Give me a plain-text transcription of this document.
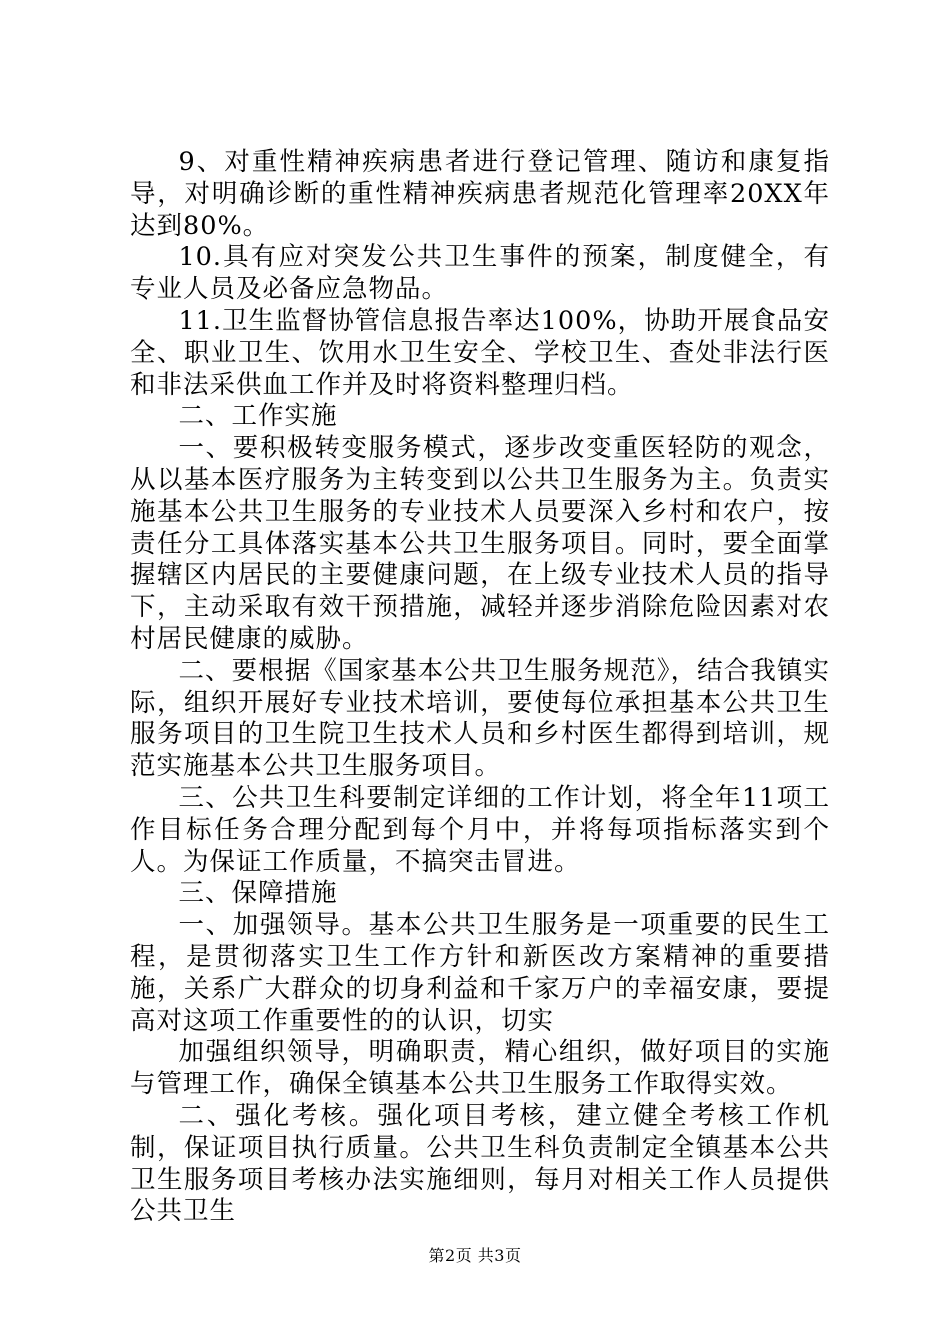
9、对重性精神疾病患者进行登记管理、随访和康复指导，对明确诊断的重性精神疾病患者规范化管理率20XX年达到80%。

10.具有应对突发公共卫生事件的预案，制度健全，有专业人员及必备应急物品。

11.卫生监督协管信息报告率达100%，协助开展食品安全、职业卫生、饮用水卫生安全、学校卫生、查处非法行医和非法采供血工作并及时将资料整理归档。

二、工作实施

一、要积极转变服务模式，逐步改变重医轻防的观念，从以基本医疗服务为主转变到以公共卫生服务为主。负责实施基本公共卫生服务的专业技术人员要深入乡村和农户，按责任分工具体落实基本公共卫生服务项目。同时，要全面掌握辖区内居民的主要健康问题，在上级专业技术人员的指导下，主动采取有效干预措施，减轻并逐步消除危险因素对农村居民健康的威胁。

二、要根据《国家基本公共卫生服务规范》，结合我镇实际，组织开展好专业技术培训，要使每位承担基本公共卫生服务项目的卫生院卫生技术人员和乡村医生都得到培训，规范实施基本公共卫生服务项目。

三、公共卫生科要制定详细的工作计划，将全年11项工作目标任务合理分配到每个月中，并将每项指标落实到个人。为保证工作质量，不搞突击冒进。

三、保障措施

一、加强领导。基本公共卫生服务是一项重要的民生工程，是贯彻落实卫生工作方针和新医改方案精神的重要措施，关系广大群众的切身利益和千家万户的幸福安康，要提高对这项工作重要性的的认识，切实

加强组织领导，明确职责，精心组织，做好项目的实施与管理工作，确保全镇基本公共卫生服务工作取得实效。

二、强化考核。强化项目考核，建立健全考核工作机制，保证项目执行质量。公共卫生科负责制定全镇基本公共卫生服务项目考核办法实施细则，每月对相关工作人员提供公共卫生

第2页 共3页
